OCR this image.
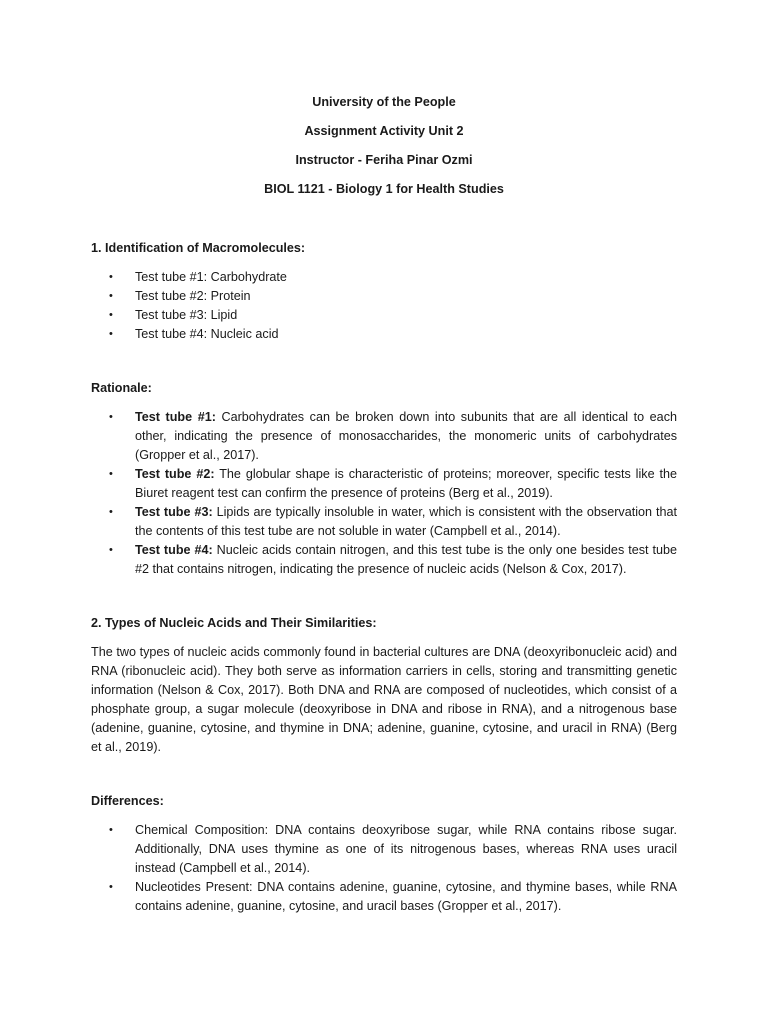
University of the People
Assignment Activity Unit 2
Instructor - Feriha Pinar Ozmi
BIOL 1121 - Biology 1 for Health Studies
1. Identification of Macromolecules:
• Test tube #1: Carbohydrate
• Test tube #2: Protein
• Test tube #3: Lipid
• Test tube #4: Nucleic acid
Rationale:
• Test tube #1: Carbohydrates can be broken down into subunits that are all identical to each other, indicating the presence of monosaccharides, the monomeric units of carbohydrates (Gropper et al., 2017).
• Test tube #2: The globular shape is characteristic of proteins; moreover, specific tests like the Biuret reagent test can confirm the presence of proteins (Berg et al., 2019).
• Test tube #3: Lipids are typically insoluble in water, which is consistent with the observation that the contents of this test tube are not soluble in water (Campbell et al., 2014).
• Test tube #4: Nucleic acids contain nitrogen, and this test tube is the only one besides test tube #2 that contains nitrogen, indicating the presence of nucleic acids (Nelson & Cox, 2017).
2. Types of Nucleic Acids and Their Similarities:

The two types of nucleic acids commonly found in bacterial cultures are DNA (deoxyribonucleic acid) and RNA (ribonucleic acid). They both serve as information carriers in cells, storing and transmitting genetic information (Nelson & Cox, 2017). Both DNA and RNA are composed of nucleotides, which consist of a phosphate group, a sugar molecule (deoxyribose in DNA and ribose in RNA), and a nitrogenous base (adenine, guanine, cytosine, and thymine in DNA; adenine, guanine, cytosine, and uracil in RNA) (Berg et al., 2019).

Differences:
• Chemical Composition: DNA contains deoxyribose sugar, while RNA contains ribose sugar. Additionally, DNA uses thymine as one of its nitrogenous bases, whereas RNA uses uracil instead (Campbell et al., 2014).
• Nucleotides Present: DNA contains adenine, guanine, cytosine, and thymine bases, while RNA contains adenine, guanine, cytosine, and uracil bases (Gropper et al., 2017).
